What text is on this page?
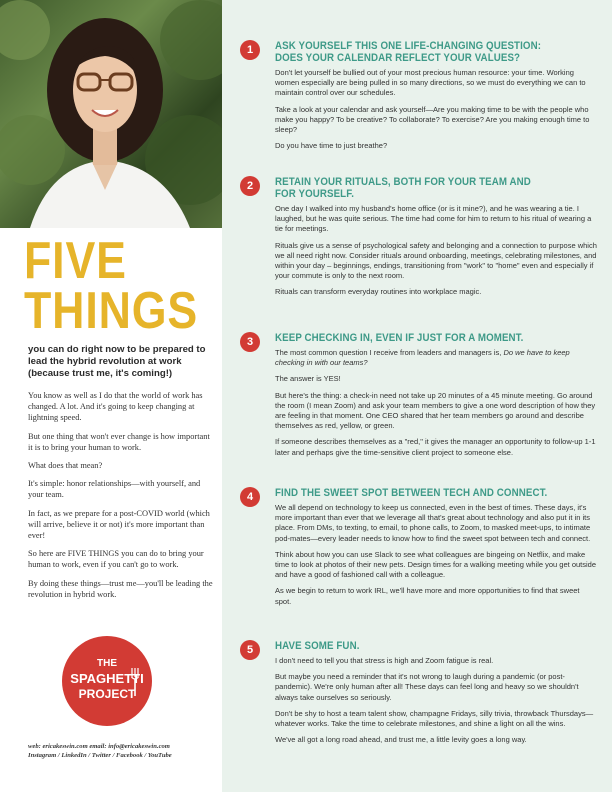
FIVE
THINGS
you can do right now to be prepared to lead the hybrid revolution at work (because trust me, it's coming!)

You know as well as I do that the world of work has changed. A lot. And it's going to keep changing at lightning speed.

But one thing that won't ever change is how important it is to bring your human to work.

What does that mean?

It's simple: honor relationships—with yourself, and your team.

In fact, as we prepare for a post-COVID world (which will arrive, believe it or not) it's more important than ever!

So here are FIVE THINGS you can do to bring your human to work, even if you can't go to work.

By doing these things—trust me—you'll be leading the revolution in hybrid work.

THE
SPAGHETTI
PROJECT
web: ericakeswin.com email: info@ericakeswin.com
Instagram / LinkedIn / Twitter / Facebook / YouTube
1	ASK YOURSELF THIS ONE LIFE-CHANGING QUESTION:
DOES YOUR CALENDAR REFLECT YOUR VALUES?

Don't let yourself be bullied out of your most precious human resource: your time. Working women especially are being pulled in so many directions, so we must do everything we can to maintain control over our schedules.

Take a look at your calendar and ask yourself—Are you making time to be with the people who make you happy? To be creative? To collaborate? To exercise? Are you making enough time to sleep?

Do you have time to just breathe?

2	RETAIN YOUR RITUALS, BOTH FOR YOUR TEAM AND
FOR YOURSELF.

One day I walked into my husband's home office (or is it mine?), and he was wearing a tie. I laughed, but he was quite serious. The time had come for him to return to his ritual of wearing a tie for meetings.

Rituals give us a sense of psychological safety and belonging and a connection to purpose which we all need right now. Consider rituals around onboarding, meetings, celebrating milestones, and within your day – beginnings, endings, transitioning from "work" to "home" even and especially if your commute is only to the next room.

Rituals can transform everyday routines into workplace magic.

3	KEEP CHECKING IN, EVEN IF JUST FOR A MOMENT.

The most common question I receive from leaders and managers is, Do we have to keep checking in with our teams?

The answer is YES!

But here's the thing: a check-in need not take up 20 minutes of a 45 minute meeting. Go around the room (I mean Zoom) and ask your team members to give a one word description of how they are feeling in that moment. One CEO shared that her team members go around and describe themselves as red, yellow, or green.

If someone describes themselves as a "red," it gives the manager an opportunity to follow-up 1-1 later and perhaps give the time-sensitive client project to someone else.

4	FIND THE SWEET SPOT BETWEEN TECH AND CONNECT.

We all depend on technology to keep us connected, even in the best of times. These days, it's more important than ever that we leverage all that's great about technology and also put it in its place. From DMs, to texting, to email, to phone calls, to Zoom, to masked meet-ups, to intimate pod-mates—every leader needs to know how to find the sweet spot between tech and connect.

Think about how you can use Slack to see what colleagues are bingeing on Netflix, and make time to look at photos of their new pets. Design times for a walking meeting while you get outside and have a good of fashioned call with a colleague.

As we begin to return to work IRL, we'll have more and more opportunities to find that sweet spot.

5	HAVE SOME FUN.

I don't need to tell you that stress is high and Zoom fatigue is real.

But maybe you need a reminder that it's not wrong to laugh during a pandemic (or post-pandemic). We're only human after all! These days can feel long and heavy so we shouldn't always take ourselves so seriously.

Don't be shy to host a team talent show, champagne Fridays, silly trivia, throwback Thursdays—whatever works. Take the time to celebrate milestones, and shine a light on all the wins.

We've all got a long road ahead, and trust me, a little levity goes a long way.
